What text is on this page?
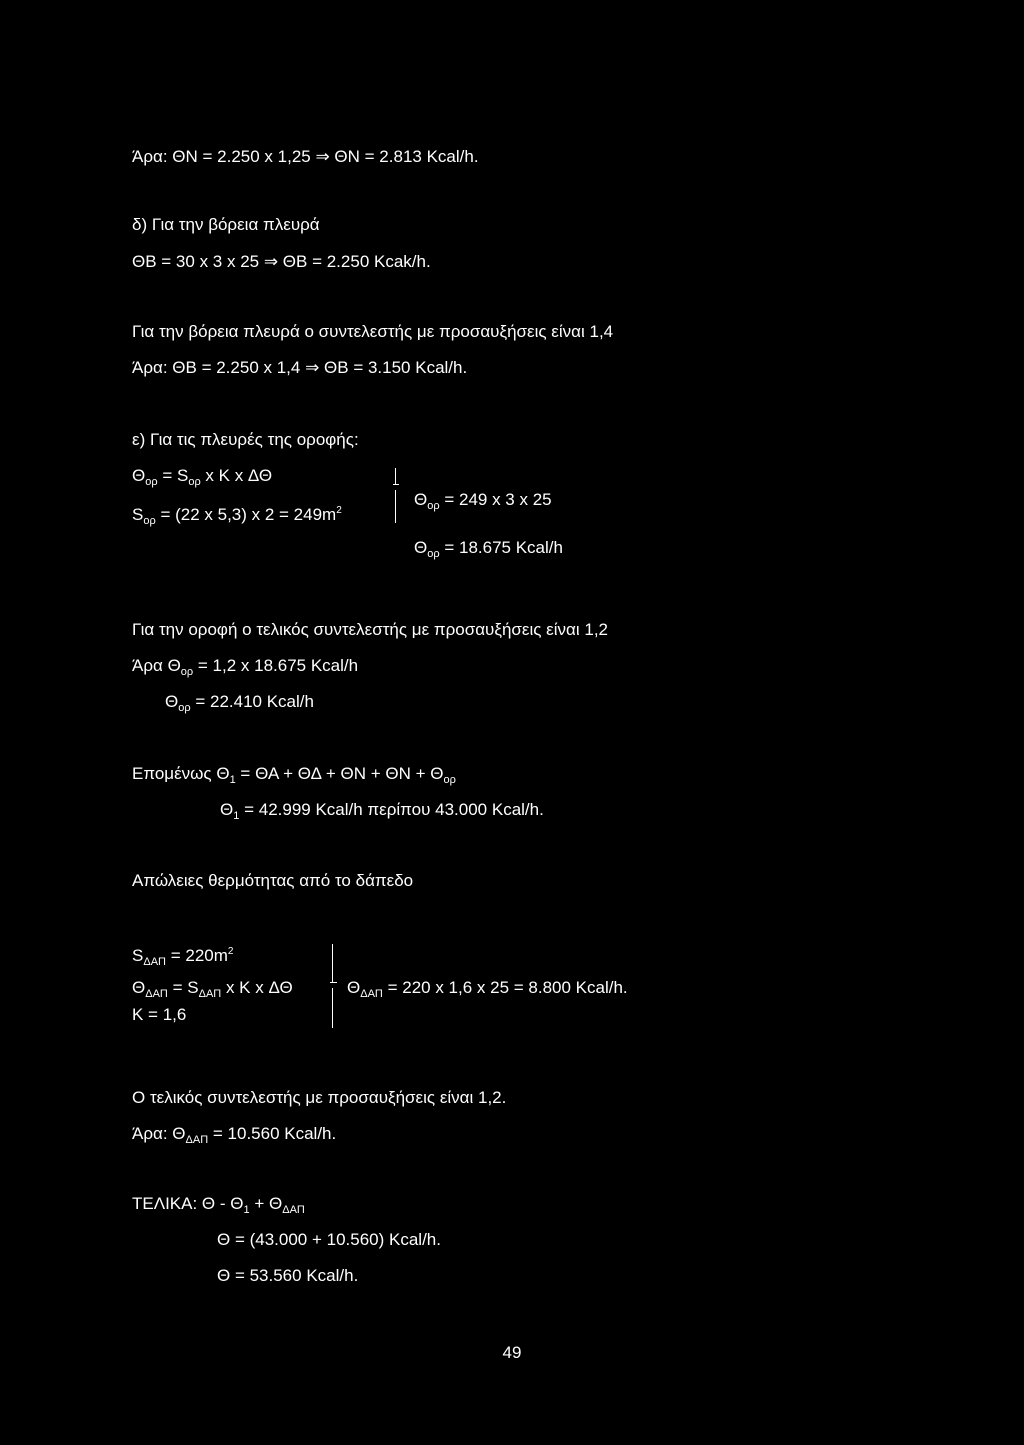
Άρα: ΘΝ = 2.250 x 1,25 ⇒ ΘΝ = 2.813 Kcal/h.
δ) Για την βόρεια πλευρά
ΘΒ = 30 x 3 x 25 ⇒ ΘΒ = 2.250 Kcak/h.
Για την βόρεια πλευρά ο συντελεστής με προσαυξήσεις είναι 1,4
Άρα: ΘΒ = 2.250 x 1,4 ⇒ ΘΒ = 3.150 Kcal/h.
ε) Για τις πλευρές της οροφής:
$\Theta_{o\rho} = S_{o\rho}$ x K x ΔΘ
$S_{o\rho} = (22$ x 5,3) x $2 = 249m^2$
$\Theta_{o\rho} = 249$ x 3 x 25
$\Theta_{o\rho} = 18.675$ Kcal/h
Για την οροφή ο τελικός συντελεστής με προσαυξήσεις είναι 1,2
Άρα $\Theta_{o\rho} = 1,2$ x 18.675 Kcal/h
$\Theta_{o\rho} = 22.410$ Kcal/h
Επομένως $\Theta_1 = \Theta A + \Theta\Delta + \Theta N + \Theta N + \Theta_{o\rho}$
$\Theta_1 = 42.999$ Kcal/h περίπου 43.000 Kcal/h.
Απώλειες θερμότητας από το δάπεδο
$S_{\Delta A\Pi} = 220m^2$
$\Theta_{\Delta A\Pi} = S_{\Delta A\Pi}$ x K x ΔΘ
K = 1,6
$\Theta_{\Delta A\Pi} = 220$ x 1,6 x 25 = 8.800 Kcal/h.
Ο τελικός συντελεστής με προσαυξήσεις είναι 1,2.
Άρα: $\Theta_{\Delta A\Pi} = 10.560$ Kcal/h.
ΤΕΛΙΚΑ: $\Theta - \Theta_1 + \Theta_{\Delta A\Pi}$
Θ = (43.000 + 10.560) Kcal/h.
Θ = 53.560 Kcal/h.
49
